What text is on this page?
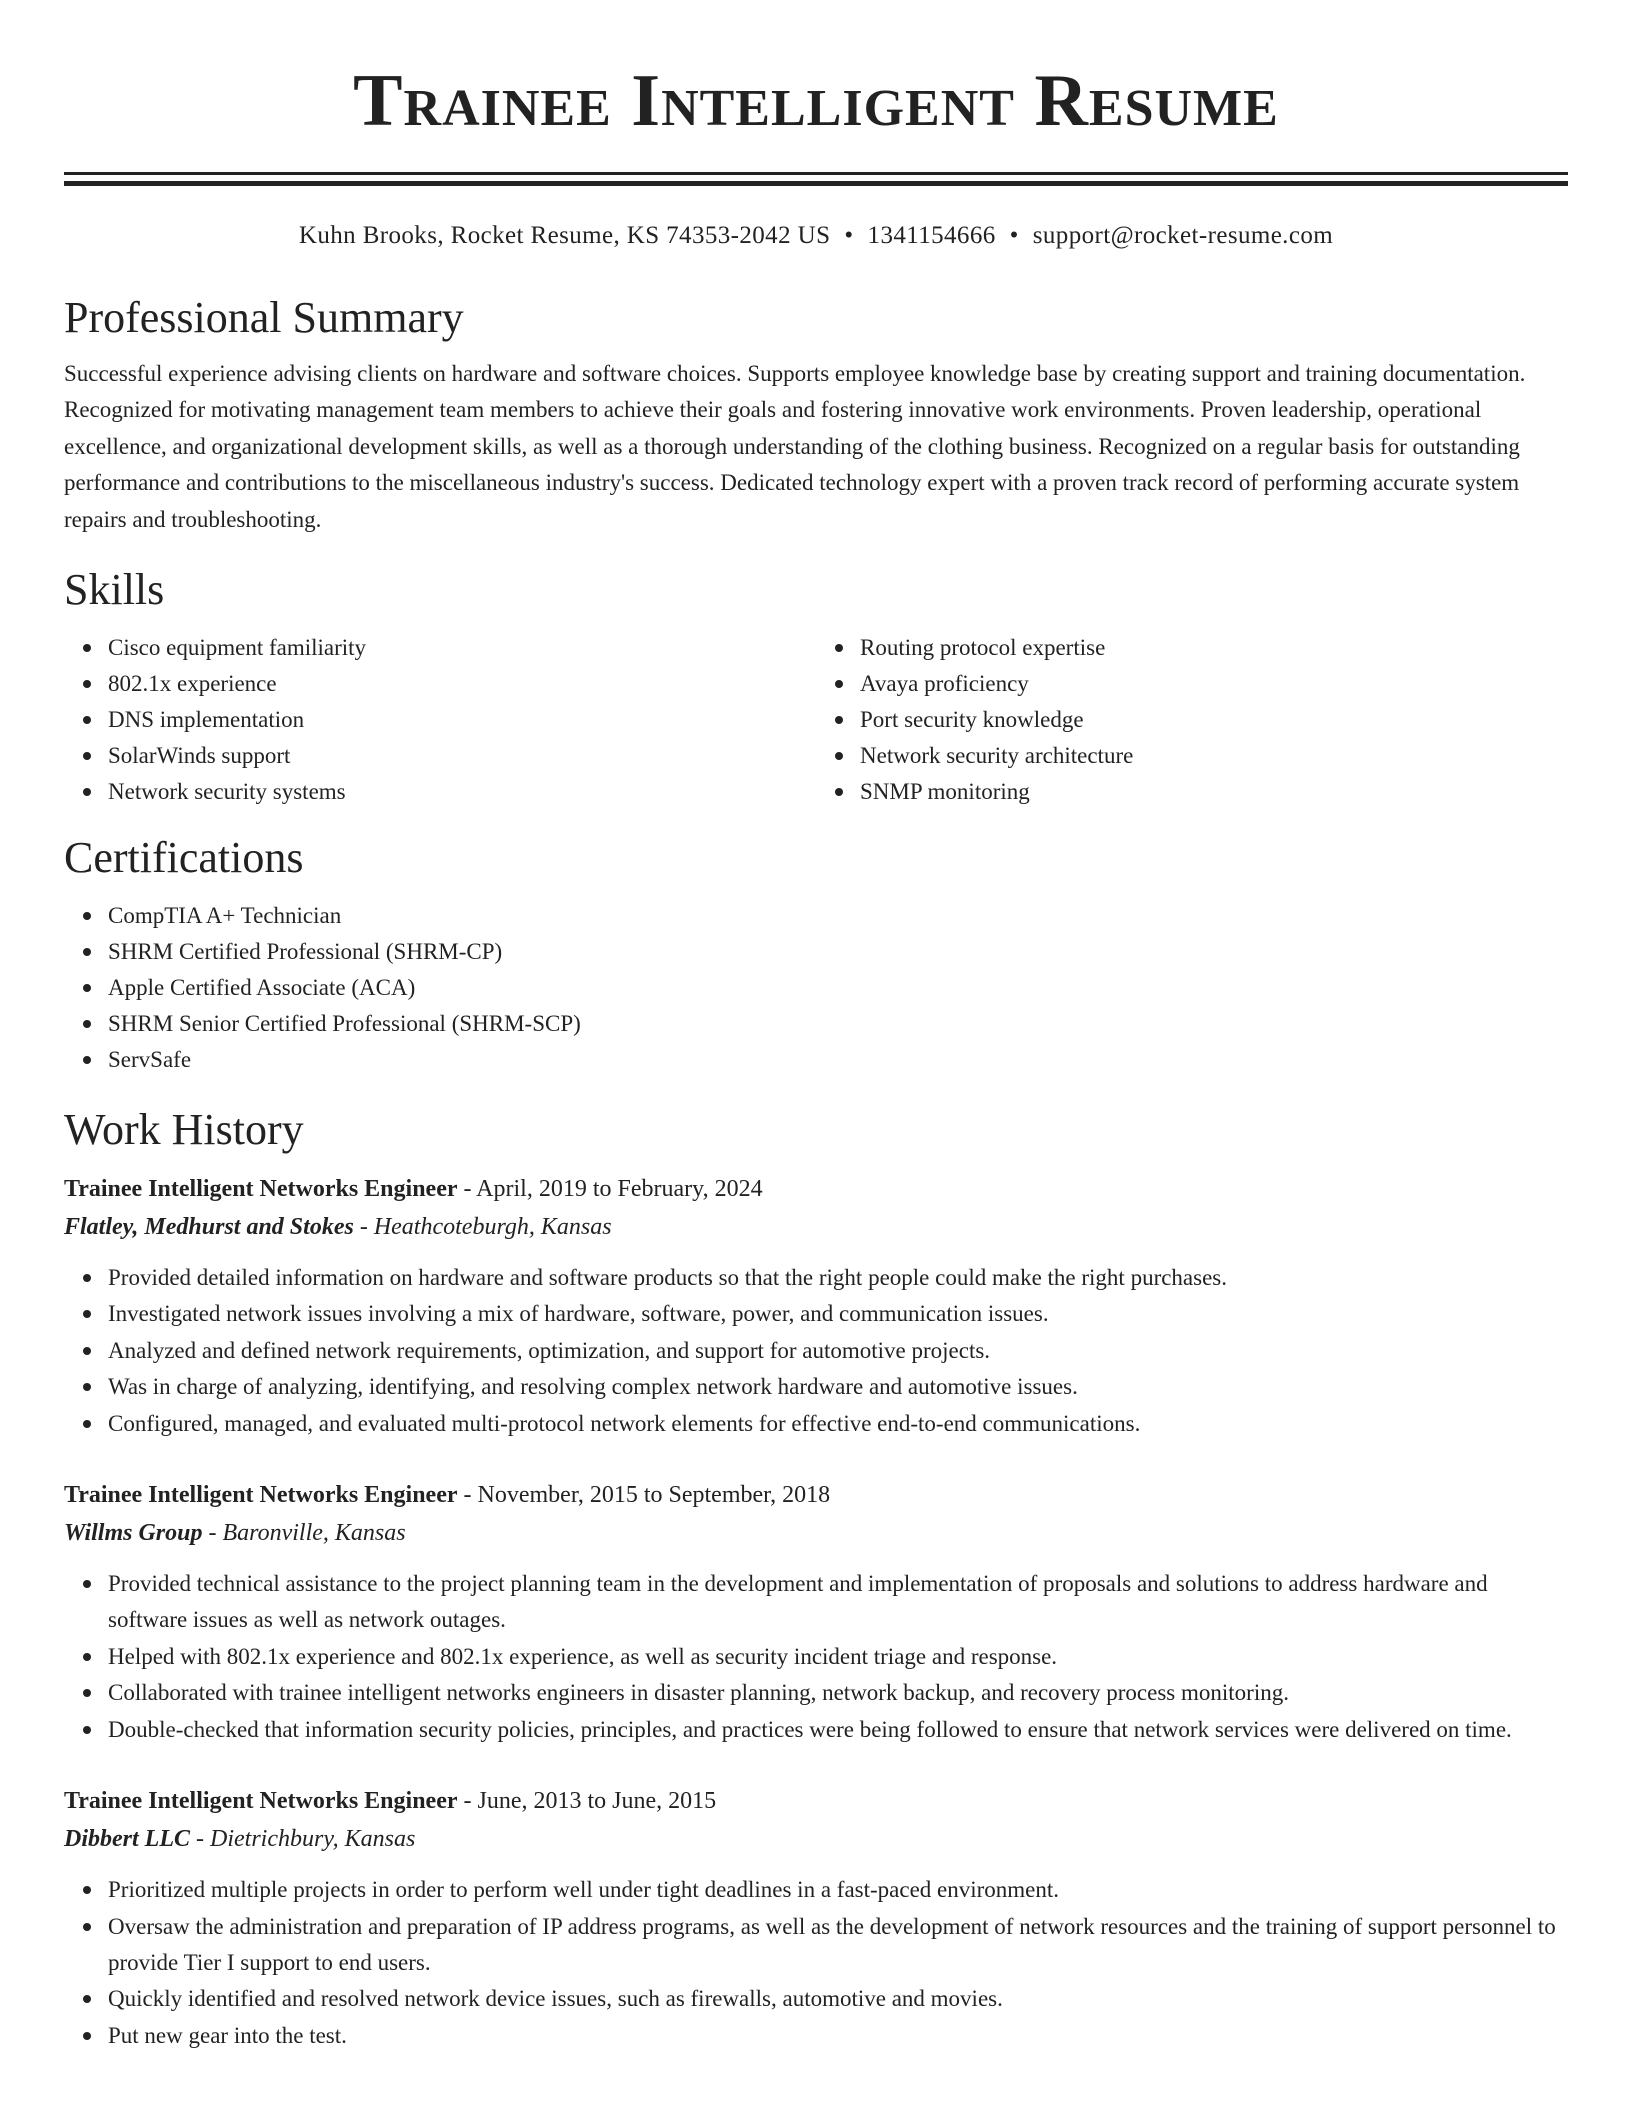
Trainee Intelligent Resume
Kuhn Brooks, Rocket Resume, KS 74353-2042 US • 1341154666 • support@rocket-resume.com
Professional Summary

Successful experience advising clients on hardware and software choices. Supports employee knowledge base by creating support and training documentation. Recognized for motivating management team members to achieve their goals and fostering innovative work environments. Proven leadership, operational excellence, and organizational development skills, as well as a thorough understanding of the clothing business. Recognized on a regular basis for outstanding performance and contributions to the miscellaneous industry's success. Dedicated technology expert with a proven track record of performing accurate system repairs and troubleshooting.

Skills
Cisco equipment familiarity
802.1x experience
DNS implementation
SolarWinds support
Network security systems
Routing protocol expertise
Avaya proficiency
Port security knowledge
Network security architecture
SNMP monitoring
Certifications
CompTIA A+ Technician
SHRM Certified Professional (SHRM-CP)
Apple Certified Associate (ACA)
SHRM Senior Certified Professional (SHRM-SCP)
ServSafe
Work History
Trainee Intelligent Networks Engineer - April, 2019 to February, 2024
Flatley, Medhurst and Stokes - Heathcoteburgh, Kansas
Provided detailed information on hardware and software products so that the right people could make the right purchases.
Investigated network issues involving a mix of hardware, software, power, and communication issues.
Analyzed and defined network requirements, optimization, and support for automotive projects.
Was in charge of analyzing, identifying, and resolving complex network hardware and automotive issues.
Configured, managed, and evaluated multi-protocol network elements for effective end-to-end communications.
Trainee Intelligent Networks Engineer - November, 2015 to September, 2018
Willms Group - Baronville, Kansas
Provided technical assistance to the project planning team in the development and implementation of proposals and solutions to address hardware and software issues as well as network outages.
Helped with 802.1x experience and 802.1x experience, as well as security incident triage and response.
Collaborated with trainee intelligent networks engineers in disaster planning, network backup, and recovery process monitoring.
Double-checked that information security policies, principles, and practices were being followed to ensure that network services were delivered on time.
Trainee Intelligent Networks Engineer - June, 2013 to June, 2015
Dibbert LLC - Dietrichbury, Kansas
Prioritized multiple projects in order to perform well under tight deadlines in a fast-paced environment.
Oversaw the administration and preparation of IP address programs, as well as the development of network resources and the training of support personnel to provide Tier I support to end users.
Quickly identified and resolved network device issues, such as firewalls, automotive and movies.
Put new gear into the test.
